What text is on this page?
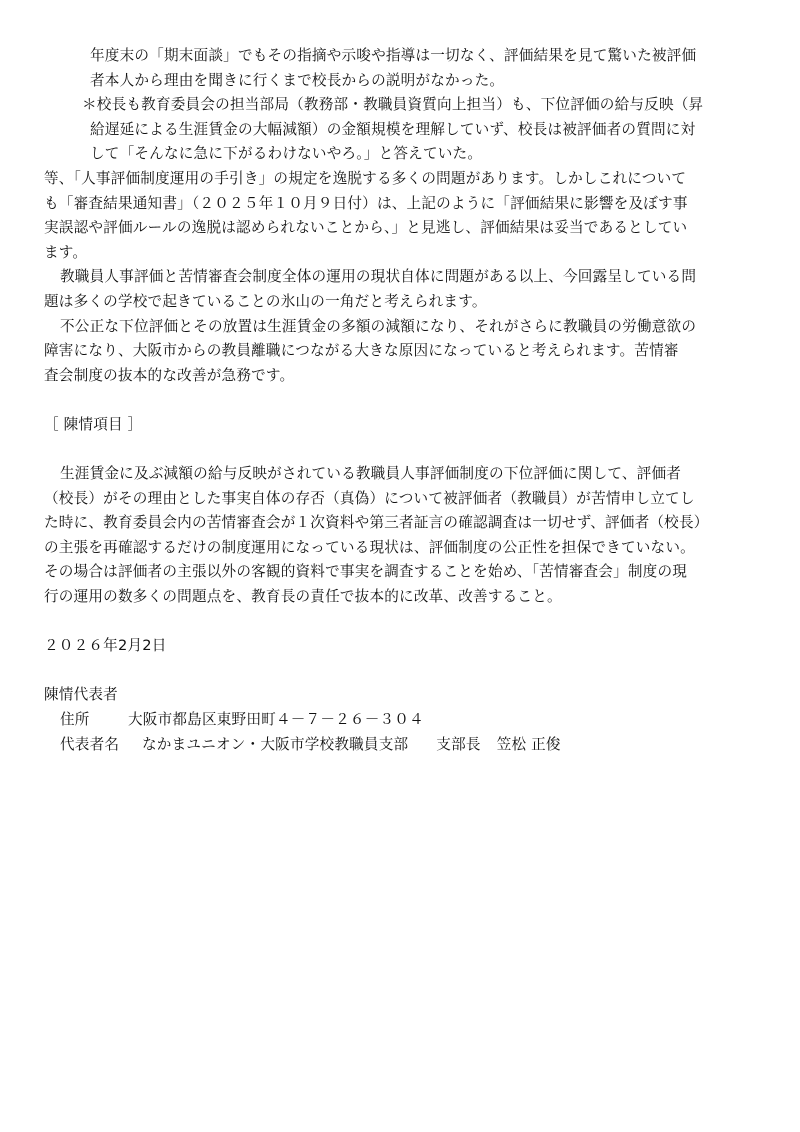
年度末の「期末面談」でもその指摘や示唆や指導は一切なく、評価結果を見て驚いた被評価
者本人から理由を聞きに行くまで校長からの説明がなかった。
＊校長も教育委員会の担当部局（教務部・教職員資質向上担当）も、下位評価の給与反映（昇
給遅延による生涯賃金の大幅減額）の金額規模を理解していず、校長は被評価者の質問に対
して「そんなに急に下がるわけないやろ。」と答えていた。
等、「人事評価制度運用の手引き」の規定を逸脱する多くの問題があります。しかしこれについて
も「審査結果通知書」（２０２５年１０月９日付）は、上記のように「評価結果に影響を及ぼす事
実誤認や評価ルールの逸脱は認められないことから、」と見逃し、評価結果は妥当であるとしてい
ます。
教職員人事評価と苦情審査会制度全体の運用の現状自体に問題がある以上、今回露呈している問
題は多くの学校で起きていることの氷山の一角だと考えられます。
不公正な下位評価とその放置は生涯賃金の多額の減額になり、それがさらに教職員の労働意欲の
障害になり、大阪市からの教員離職につながる大きな原因になっていると考えられます。苦情審
査会制度の抜本的な改善が急務です。
［ 陳情項目 ］
生涯賃金に及ぶ減額の給与反映がされている教職員人事評価制度の下位評価に関して、評価者
（校長）がその理由とした事実自体の存否（真偽）について被評価者（教職員）が苦情申し立てし
た時に、教育委員会内の苦情審査会が１次資料や第三者証言の確認調査は一切せず、評価者（校長）
の主張を再確認するだけの制度運用になっている現状は、評価制度の公正性を担保できていない。
その場合は評価者の主張以外の客観的資料で事実を調査することを始め、「苦情審査会」制度の現
行の運用の数多くの問題点を、教育長の責任で抜本的に改革、改善すること。
２０２６年2月2日
陳情代表者
住所	大阪市都島区東野田町４－７－２６－３０４
代表者名 なかまユニオン・大阪市学校教職員支部 支部長 笠松 正俊
